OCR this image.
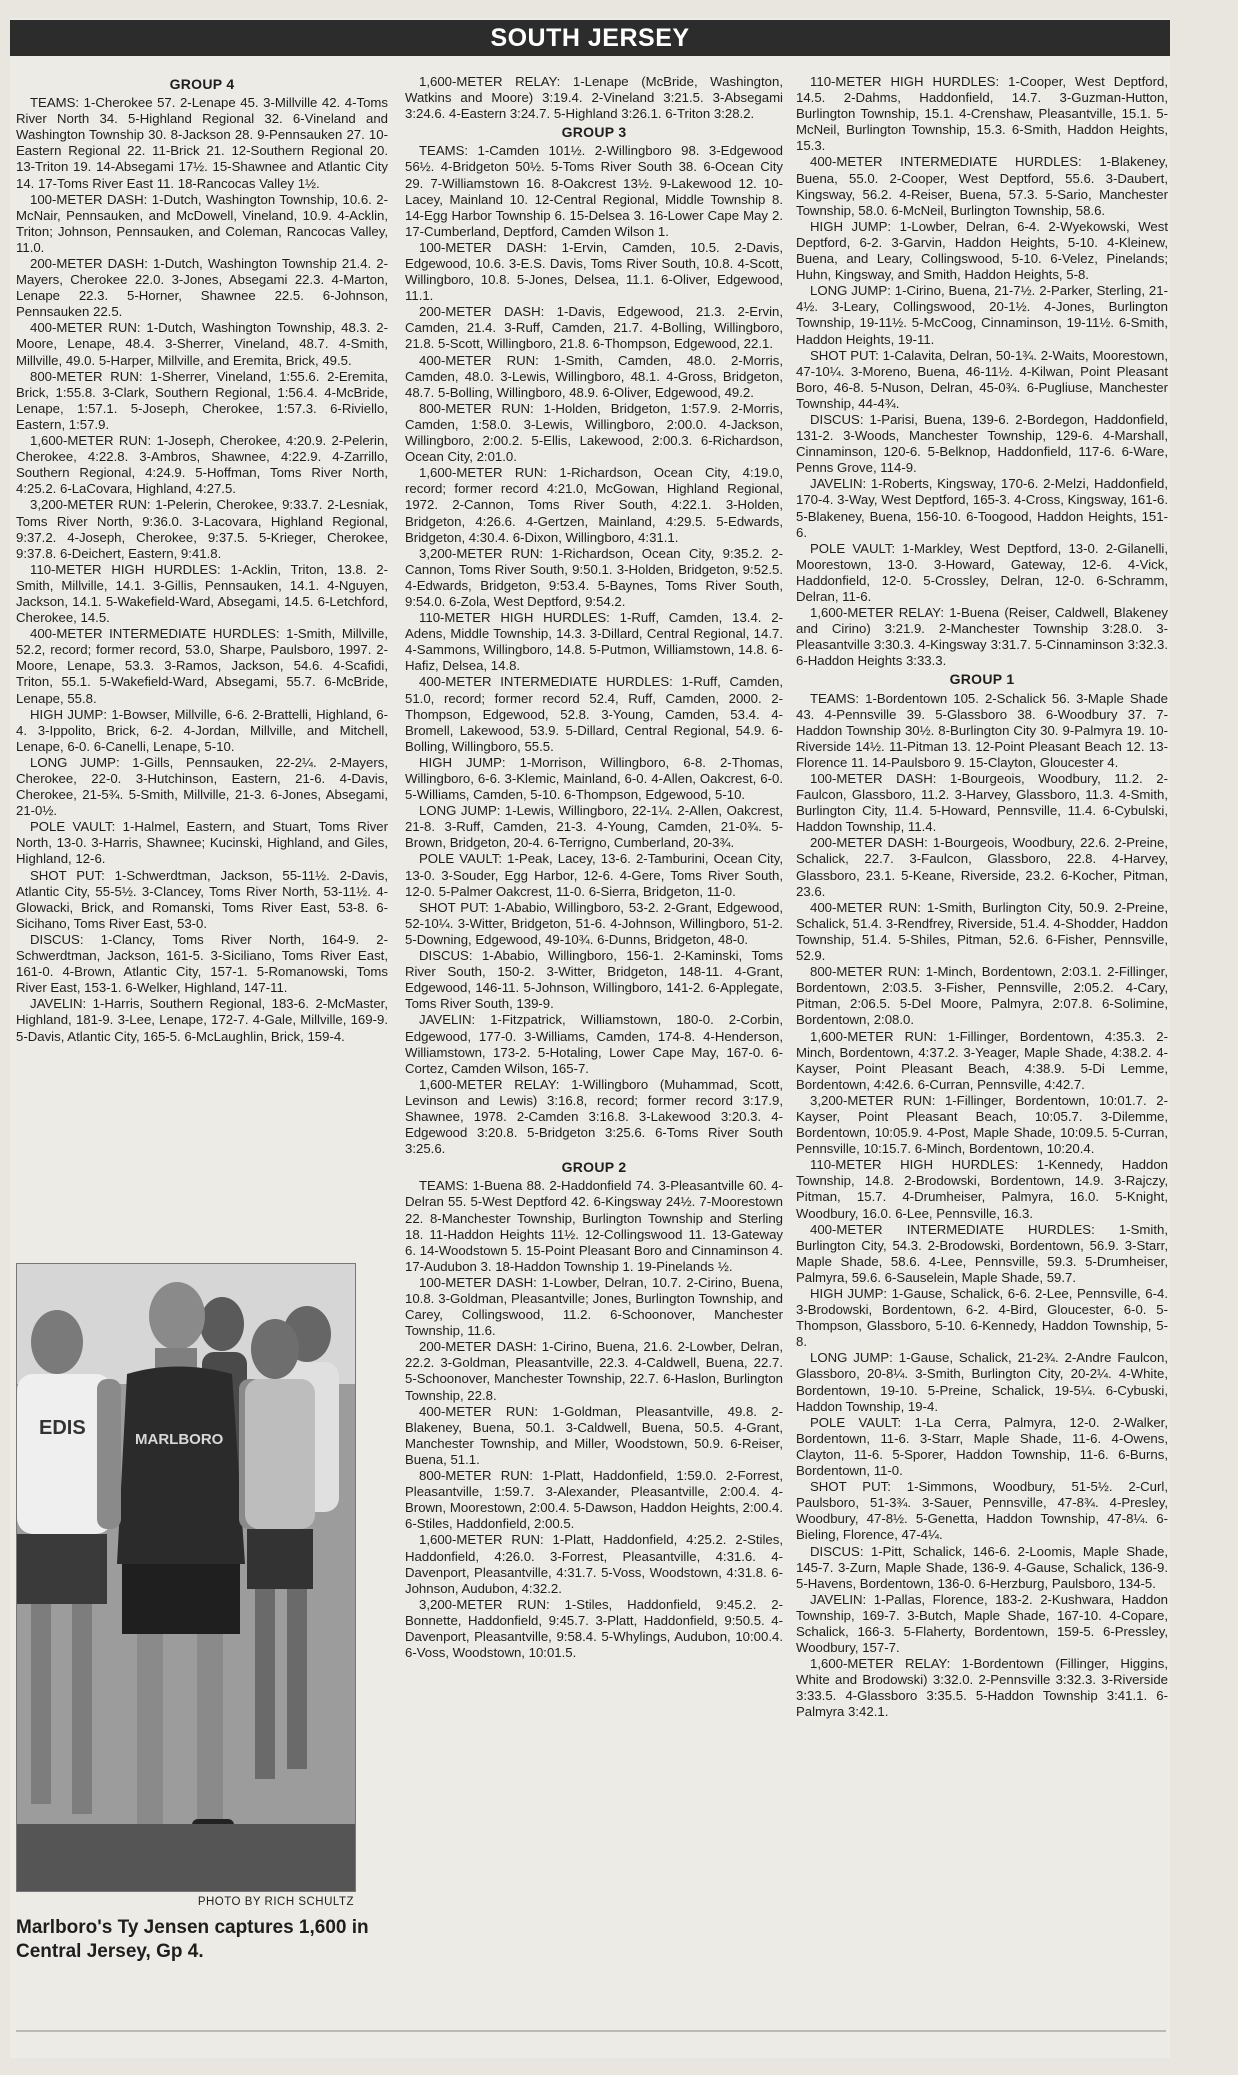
SOUTH JERSEY
GROUP 4

TEAMS: 1-Cherokee 57. 2-Lenape 45. 3-Millville 42. 4-Toms River North 34. 5-Highland Regional 32. 6-Vineland and Washington Township 30. 8-Jackson 28. 9-Pennsauken 27. 10-Eastern Regional 22. 11-Brick 21. 12-Southern Regional 20. 13-Triton 19. 14-Absegami 17½. 15-Shawnee and Atlantic City 14. 17-Toms River East 11. 18-Rancocas Valley 1½.

100-METER DASH: 1-Dutch, Washington Township, 10.6. 2-McNair, Pennsauken, and McDowell, Vineland, 10.9. 4-Acklin, Triton; Johnson, Pennsauken, and Coleman, Rancocas Valley, 11.0.

200-METER DASH: 1-Dutch, Washington Township 21.4. 2-Mayers, Cherokee 22.0. 3-Jones, Absegami 22.3. 4-Marton, Lenape 22.3. 5-Horner, Shawnee 22.5. 6-Johnson, Pennsauken 22.5.

400-METER RUN: 1-Dutch, Washington Township, 48.3. 2-Moore, Lenape, 48.4. 3-Sherrer, Vineland, 48.7. 4-Smith, Millville, 49.0. 5-Harper, Millville, and Eremita, Brick, 49.5.

800-METER RUN: 1-Sherrer, Vineland, 1:55.6. 2-Eremita, Brick, 1:55.8. 3-Clark, Southern Regional, 1:56.4. 4-McBride, Lenape, 1:57.1. 5-Joseph, Cherokee, 1:57.3. 6-Riviello, Eastern, 1:57.9.

1,600-METER RUN: 1-Joseph, Cherokee, 4:20.9. 2-Pelerin, Cherokee, 4:22.8. 3-Ambros, Shawnee, 4:22.9. 4-Zarrillo, Southern Regional, 4:24.9. 5-Hoffman, Toms River North, 4:25.2. 6-LaCovara, Highland, 4:27.5.

3,200-METER RUN: 1-Pelerin, Cherokee, 9:33.7. 2-Lesniak, Toms River North, 9:36.0. 3-Lacovara, Highland Regional, 9:37.2. 4-Joseph, Cherokee, 9:37.5. 5-Krieger, Cherokee, 9:37.8. 6-Deichert, Eastern, 9:41.8.

110-METER HIGH HURDLES: 1-Acklin, Triton, 13.8. 2-Smith, Millville, 14.1. 3-Gillis, Pennsauken, 14.1. 4-Nguyen, Jackson, 14.1. 5-Wakefield-Ward, Absegami, 14.5. 6-Letchford, Cherokee, 14.5.

400-METER INTERMEDIATE HURDLES: 1-Smith, Millville, 52.2, record; former record, 53.0, Sharpe, Paulsboro, 1997. 2-Moore, Lenape, 53.3. 3-Ramos, Jackson, 54.6. 4-Scafidi, Triton, 55.1. 5-Wakefield-Ward, Absegami, 55.7. 6-McBride, Lenape, 55.8.

HIGH JUMP: 1-Bowser, Millville, 6-6. 2-Brattelli, Highland, 6-4. 3-Ippolito, Brick, 6-2. 4-Jordan, Millville, and Mitchell, Lenape, 6-0. 6-Canelli, Lenape, 5-10.

LONG JUMP: 1-Gills, Pennsauken, 22-2¼. 2-Mayers, Cherokee, 22-0. 3-Hutchinson, Eastern, 21-6. 4-Davis, Cherokee, 21-5¾. 5-Smith, Millville, 21-3. 6-Jones, Absegami, 21-0½.

POLE VAULT: 1-Halmel, Eastern, and Stuart, Toms River North, 13-0. 3-Harris, Shawnee; Kucinski, Highland, and Giles, Highland, 12-6.

SHOT PUT: 1-Schwerdtman, Jackson, 55-11½. 2-Davis, Atlantic City, 55-5½. 3-Clancey, Toms River North, 53-11½. 4-Glowacki, Brick, and Romanski, Toms River East, 53-8. 6-Sicihano, Toms River East, 53-0.

DISCUS: 1-Clancy, Toms River North, 164-9. 2-Schwerdtman, Jackson, 161-5. 3-Siciliano, Toms River East, 161-0. 4-Brown, Atlantic City, 157-1. 5-Romanowski, Toms River East, 153-1. 6-Welker, Highland, 147-11.

JAVELIN: 1-Harris, Southern Regional, 183-6. 2-McMaster, Highland, 181-9. 3-Lee, Lenape, 172-7. 4-Gale, Millville, 169-9. 5-Davis, Atlantic City, 165-5. 6-McLaughlin, Brick, 159-4.

1,600-METER RELAY: 1-Lenape (McBride, Washington, Watkins and Moore) 3:19.4. 2-Vineland 3:21.5. 3-Absegami 3:24.6. 4-Eastern 3:24.7. 5-Highland 3:26.1. 6-Triton 3:28.2.

GROUP 3

TEAMS: 1-Camden 101½. 2-Willingboro 98. 3-Edgewood 56½. 4-Bridgeton 50½. 5-Toms River South 38. 6-Ocean City 29. 7-Williamstown 16. 8-Oakcrest 13½. 9-Lakewood 12. 10-Lacey, Mainland 10. 12-Central Regional, Middle Township 8. 14-Egg Harbor Township 6. 15-Delsea 3. 16-Lower Cape May 2. 17-Cumberland, Deptford, Camden Wilson 1.

100-METER DASH: 1-Ervin, Camden, 10.5. 2-Davis, Edgewood, 10.6. 3-E.S. Davis, Toms River South, 10.8. 4-Scott, Willingboro, 10.8. 5-Jones, Delsea, 11.1. 6-Oliver, Edgewood, 11.1.

200-METER DASH: 1-Davis, Edgewood, 21.3. 2-Ervin, Camden, 21.4. 3-Ruff, Camden, 21.7. 4-Bolling, Willingboro, 21.8. 5-Scott, Willingboro, 21.8. 6-Thompson, Edgewood, 22.1.

400-METER RUN: 1-Smith, Camden, 48.0. 2-Morris, Camden, 48.0. 3-Lewis, Willingboro, 48.1. 4-Gross, Bridgeton, 48.7. 5-Bolling, Willingboro, 48.9. 6-Oliver, Edgewood, 49.2.

800-METER RUN: 1-Holden, Bridgeton, 1:57.9. 2-Morris, Camden, 1:58.0. 3-Lewis, Willingboro, 2:00.0. 4-Jackson, Willingboro, 2:00.2. 5-Ellis, Lakewood, 2:00.3. 6-Richardson, Ocean City, 2:01.0.

1,600-METER RUN: 1-Richardson, Ocean City, 4:19.0, record; former record 4:21.0, McGowan, Highland Regional, 1972. 2-Cannon, Toms River South, 4:22.1. 3-Holden, Bridgeton, 4:26.6. 4-Gertzen, Mainland, 4:29.5. 5-Edwards, Bridgeton, 4:30.4. 6-Dixon, Willingboro, 4:31.1.

3,200-METER RUN: 1-Richardson, Ocean City, 9:35.2. 2-Cannon, Toms River South, 9:50.1. 3-Holden, Bridgeton, 9:52.5. 4-Edwards, Bridgeton, 9:53.4. 5-Baynes, Toms River South, 9:54.0. 6-Zola, West Deptford, 9:54.2.

110-METER HIGH HURDLES: 1-Ruff, Camden, 13.4. 2-Adens, Middle Township, 14.3. 3-Dillard, Central Regional, 14.7. 4-Sammons, Willingboro, 14.8. 5-Putmon, Williamstown, 14.8. 6-Hafiz, Delsea, 14.8.

400-METER INTERMEDIATE HURDLES: 1-Ruff, Camden, 51.0, record; former record 52.4, Ruff, Camden, 2000. 2-Thompson, Edgewood, 52.8. 3-Young, Camden, 53.4. 4-Bromell, Lakewood, 53.9. 5-Dillard, Central Regional, 54.9. 6-Bolling, Willingboro, 55.5.

HIGH JUMP: 1-Morrison, Willingboro, 6-8. 2-Thomas, Willingboro, 6-6. 3-Klemic, Mainland, 6-0. 4-Allen, Oakcrest, 6-0. 5-Williams, Camden, 5-10. 6-Thompson, Edgewood, 5-10.

LONG JUMP: 1-Lewis, Willingboro, 22-1¼. 2-Allen, Oakcrest, 21-8. 3-Ruff, Camden, 21-3. 4-Young, Camden, 21-0¾. 5-Brown, Bridgeton, 20-4. 6-Terrigno, Cumberland, 20-3¾.

POLE VAULT: 1-Peak, Lacey, 13-6. 2-Tamburini, Ocean City, 13-0. 3-Souder, Egg Harbor, 12-6. 4-Gere, Toms River South, 12-0. 5-Palmer Oakcrest, 11-0. 6-Sierra, Bridgeton, 11-0.

SHOT PUT: 1-Ababio, Willingboro, 53-2. 2-Grant, Edgewood, 52-10¼. 3-Witter, Bridgeton, 51-6. 4-Johnson, Willingboro, 51-2. 5-Downing, Edgewood, 49-10¾. 6-Dunns, Bridgeton, 48-0.

DISCUS: 1-Ababio, Willingboro, 156-1. 2-Kaminski, Toms River South, 150-2. 3-Witter, Bridgeton, 148-11. 4-Grant, Edgewood, 146-11. 5-Johnson, Willingboro, 141-2. 6-Applegate, Toms River South, 139-9.

JAVELIN: 1-Fitzpatrick, Williamstown, 180-0. 2-Corbin, Edgewood, 177-0. 3-Williams, Camden, 174-8. 4-Henderson, Williamstown, 173-2. 5-Hotaling, Lower Cape May, 167-0. 6-Cortez, Camden Wilson, 165-7.

1,600-METER RELAY: 1-Willingboro (Muhammad, Scott, Levinson and Lewis) 3:16.8, record; former record 3:17.9, Shawnee, 1978. 2-Camden 3:16.8. 3-Lakewood 3:20.3. 4-Edgewood 3:20.8. 5-Bridgeton 3:25.6. 6-Toms River South 3:25.6.

GROUP 2

TEAMS: 1-Buena 88. 2-Haddonfield 74. 3-Pleasantville 60. 4-Delran 55. 5-West Deptford 42. 6-Kingsway 24½. 7-Moorestown 22. 8-Manchester Township, Burlington Township and Sterling 18. 11-Haddon Heights 11½. 12-Collingswood 11. 13-Gateway 6. 14-Woodstown 5. 15-Point Pleasant Boro and Cinnaminson 4. 17-Audubon 3. 18-Haddon Township 1. 19-Pinelands ½.

100-METER DASH: 1-Lowber, Delran, 10.7. 2-Cirino, Buena, 10.8. 3-Goldman, Pleasantville; Jones, Burlington Township, and Carey, Collingswood, 11.2. 6-Schoonover, Manchester Township, 11.6.

200-METER DASH: 1-Cirino, Buena, 21.6. 2-Lowber, Delran, 22.2. 3-Goldman, Pleasantville, 22.3. 4-Caldwell, Buena, 22.7. 5-Schoonover, Manchester Township, 22.7. 6-Haslon, Burlington Township, 22.8.

400-METER RUN: 1-Goldman, Pleasantville, 49.8. 2-Blakeney, Buena, 50.1. 3-Caldwell, Buena, 50.5. 4-Grant, Manchester Township, and Miller, Woodstown, 50.9. 6-Reiser, Buena, 51.1.

800-METER RUN: 1-Platt, Haddonfield, 1:59.0. 2-Forrest, Pleasantville, 1:59.7. 3-Alexander, Pleasantville, 2:00.4. 4-Brown, Moorestown, 2:00.4. 5-Dawson, Haddon Heights, 2:00.4. 6-Stiles, Haddonfield, 2:00.5.

1,600-METER RUN: 1-Platt, Haddonfield, 4:25.2. 2-Stiles, Haddonfield, 4:26.0. 3-Forrest, Pleasantville, 4:31.6. 4-Davenport, Pleasantville, 4:31.7. 5-Voss, Woodstown, 4:31.8. 6-Johnson, Audubon, 4:32.2.

3,200-METER RUN: 1-Stiles, Haddonfield, 9:45.2. 2-Bonnette, Haddonfield, 9:45.7. 3-Platt, Haddonfield, 9:50.5. 4-Davenport, Pleasantville, 9:58.4. 5-Whylings, Audubon, 10:00.4. 6-Voss, Woodstown, 10:01.5.

110-METER HIGH HURDLES: 1-Cooper, West Deptford, 14.5. 2-Dahms, Haddonfield, 14.7. 3-Guzman-Hutton, Burlington Township, 15.1. 4-Crenshaw, Pleasantville, 15.1. 5-McNeil, Burlington Township, 15.3. 6-Smith, Haddon Heights, 15.3.

400-METER INTERMEDIATE HURDLES: 1-Blakeney, Buena, 55.0. 2-Cooper, West Deptford, 55.6. 3-Daubert, Kingsway, 56.2. 4-Reiser, Buena, 57.3. 5-Sario, Manchester Township, 58.0. 6-McNeil, Burlington Township, 58.6.

HIGH JUMP: 1-Lowber, Delran, 6-4. 2-Wyekowski, West Deptford, 6-2. 3-Garvin, Haddon Heights, 5-10. 4-Kleinew, Buena, and Leary, Collingswood, 5-10. 6-Velez, Pinelands; Huhn, Kingsway, and Smith, Haddon Heights, 5-8.

LONG JUMP: 1-Cirino, Buena, 21-7½. 2-Parker, Sterling, 21-4½. 3-Leary, Collingswood, 20-1½. 4-Jones, Burlington Township, 19-11½. 5-McCoog, Cinnaminson, 19-11½. 6-Smith, Haddon Heights, 19-11.

SHOT PUT: 1-Calavita, Delran, 50-1¾. 2-Waits, Moorestown, 47-10¼. 3-Moreno, Buena, 46-11½. 4-Kilwan, Point Pleasant Boro, 46-8. 5-Nuson, Delran, 45-0¾. 6-Pugliuse, Manchester Township, 44-4¾.

DISCUS: 1-Parisi, Buena, 139-6. 2-Bordegon, Haddonfield, 131-2. 3-Woods, Manchester Township, 129-6. 4-Marshall, Cinnaminson, 120-6. 5-Belknop, Haddonfield, 117-6. 6-Ware, Penns Grove, 114-9.

JAVELIN: 1-Roberts, Kingsway, 170-6. 2-Melzi, Haddonfield, 170-4. 3-Way, West Deptford, 165-3. 4-Cross, Kingsway, 161-6. 5-Blakeney, Buena, 156-10. 6-Toogood, Haddon Heights, 151-6.

POLE VAULT: 1-Markley, West Deptford, 13-0. 2-Gilanelli, Moorestown, 13-0. 3-Howard, Gateway, 12-6. 4-Vick, Haddonfield, 12-0. 5-Crossley, Delran, 12-0. 6-Schramm, Delran, 11-6.

1,600-METER RELAY: 1-Buena (Reiser, Caldwell, Blakeney and Cirino) 3:21.9. 2-Manchester Township 3:28.0. 3-Pleasantville 3:30.3. 4-Kingsway 3:31.7. 5-Cinnaminson 3:32.3. 6-Haddon Heights 3:33.3.

GROUP 1

TEAMS: 1-Bordentown 105. 2-Schalick 56. 3-Maple Shade 43. 4-Pennsville 39. 5-Glassboro 38. 6-Woodbury 37. 7-Haddon Township 30½. 8-Burlington City 30. 9-Palmyra 19. 10-Riverside 14½. 11-Pitman 13. 12-Point Pleasant Beach 12. 13-Florence 11. 14-Paulsboro 9. 15-Clayton, Gloucester 4.

100-METER DASH: 1-Bourgeois, Woodbury, 11.2. 2-Faulcon, Glassboro, 11.2. 3-Harvey, Glassboro, 11.3. 4-Smith, Burlington City, 11.4. 5-Howard, Pennsville, 11.4. 6-Cybulski, Haddon Township, 11.4.

200-METER DASH: 1-Bourgeois, Woodbury, 22.6. 2-Preine, Schalick, 22.7. 3-Faulcon, Glassboro, 22.8. 4-Harvey, Glassboro, 23.1. 5-Keane, Riverside, 23.2. 6-Kocher, Pitman, 23.6.

400-METER RUN: 1-Smith, Burlington City, 50.9. 2-Preine, Schalick, 51.4. 3-Rendfrey, Riverside, 51.4. 4-Shodder, Haddon Township, 51.4. 5-Shiles, Pitman, 52.6. 6-Fisher, Pennsville, 52.9.

800-METER RUN: 1-Minch, Bordentown, 2:03.1. 2-Fillinger, Bordentown, 2:03.5. 3-Fisher, Pennsville, 2:05.2. 4-Cary, Pitman, 2:06.5. 5-Del Moore, Palmyra, 2:07.8. 6-Solimine, Bordentown, 2:08.0.

1,600-METER RUN: 1-Fillinger, Bordentown, 4:35.3. 2-Minch, Bordentown, 4:37.2. 3-Yeager, Maple Shade, 4:38.2. 4-Kayser, Point Pleasant Beach, 4:38.9. 5-Di Lemme, Bordentown, 4:42.6. 6-Curran, Pennsville, 4:42.7.

3,200-METER RUN: 1-Fillinger, Bordentown, 10:01.7. 2-Kayser, Point Pleasant Beach, 10:05.7. 3-Dilemme, Bordentown, 10:05.9. 4-Post, Maple Shade, 10:09.5. 5-Curran, Pennsville, 10:15.7. 6-Minch, Bordentown, 10:20.4.

110-METER HIGH HURDLES: 1-Kennedy, Haddon Township, 14.8. 2-Brodowski, Bordentown, 14.9. 3-Rajczy, Pitman, 15.7. 4-Drumheiser, Palmyra, 16.0. 5-Knight, Woodbury, 16.0. 6-Lee, Pennsville, 16.3.

400-METER INTERMEDIATE HURDLES: 1-Smith, Burlington City, 54.3. 2-Brodowski, Bordentown, 56.9. 3-Starr, Maple Shade, 58.6. 4-Lee, Pennsville, 59.3. 5-Drumheiser, Palmyra, 59.6. 6-Sauselein, Maple Shade, 59.7.

HIGH JUMP: 1-Gause, Schalick, 6-6. 2-Lee, Pennsville, 6-4. 3-Brodowski, Bordentown, 6-2. 4-Bird, Gloucester, 6-0. 5-Thompson, Glassboro, 5-10. 6-Kennedy, Haddon Township, 5-8.

LONG JUMP: 1-Gause, Schalick, 21-2¾. 2-Andre Faulcon, Glassboro, 20-8¼. 3-Smith, Burlington City, 20-2¼. 4-White, Bordentown, 19-10. 5-Preine, Schalick, 19-5¼. 6-Cybuski, Haddon Township, 19-4.

POLE VAULT: 1-La Cerra, Palmyra, 12-0. 2-Walker, Bordentown, 11-6. 3-Starr, Maple Shade, 11-6. 4-Owens, Clayton, 11-6. 5-Sporer, Haddon Township, 11-6. 6-Burns, Bordentown, 11-0.

SHOT PUT: 1-Simmons, Woodbury, 51-5½. 2-Curl, Paulsboro, 51-3¾. 3-Sauer, Pennsville, 47-8¾. 4-Presley, Woodbury, 47-8½. 5-Genetta, Haddon Township, 47-8¼. 6-Bieling, Florence, 47-4¼.

DISCUS: 1-Pitt, Schalick, 146-6. 2-Loomis, Maple Shade, 145-7. 3-Zurn, Maple Shade, 136-9. 4-Gause, Schalick, 136-9. 5-Havens, Bordentown, 136-0. 6-Herzburg, Paulsboro, 134-5.

JAVELIN: 1-Pallas, Florence, 183-2. 2-Kushwara, Haddon Township, 169-7. 3-Butch, Maple Shade, 167-10. 4-Copare, Schalick, 166-3. 5-Flaherty, Bordentown, 159-5. 6-Pressley, Woodbury, 157-7.

1,600-METER RELAY: 1-Bordentown (Fillinger, Higgins, White and Brodowski) 3:32.0. 2-Pennsville 3:32.3. 3-Riverside 3:33.5. 4-Glassboro 3:35.5. 5-Haddon Township 3:41.1. 6-Palmyra 3:42.1.

EDIS
MARLBORO
PHOTO BY RICH SCHULTZ
Marlboro's Ty Jensen captures 1,600 in Central Jersey, Gp 4.
